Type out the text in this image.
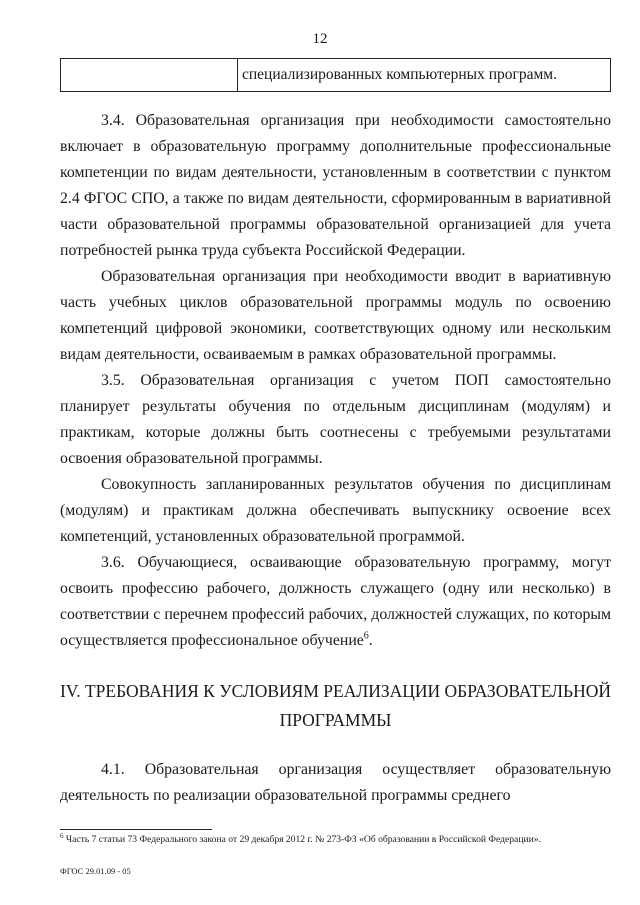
12
	специализированных компьютерных программ.

3.4. Образовательная организация при необходимости самостоятельно включает в образовательную программу дополнительные профессиональные компетенции по видам деятельности, установленным в соответствии с пунктом 2.4 ФГОС СПО, а также по видам деятельности, сформированным в вариативной части образовательной программы образовательной организацией для учета потребностей рынка труда субъекта Российской Федерации.

Образовательная организация при необходимости вводит в вариативную часть учебных циклов образовательной программы модуль по освоению компетенций цифровой экономики, соответствующих одному или нескольким видам деятельности, осваиваемым в рамках образовательной программы.

3.5. Образовательная организация с учетом ПОП самостоятельно планирует результаты обучения по отдельным дисциплинам (модулям) и практикам, которые должны быть соотнесены с требуемыми результатами освоения образовательной программы.

Совокупность запланированных результатов обучения по дисциплинам (модулям) и практикам должна обеспечивать выпускнику освоение всех компетенций, установленных образовательной программой.

3.6. Обучающиеся, осваивающие образовательную программу, могут освоить профессию рабочего, должность служащего (одну или несколько) в соответствии с перечнем профессий рабочих, должностей служащих, по которым осуществляется профессиональное обучение$^6$.

IV. ТРЕБОВАНИЯ К УСЛОВИЯМ РЕАЛИЗАЦИИ ОБРАЗОВАТЕЛЬНОЙ
ПРОГРАММЫ

4.1. Образовательная организация осуществляет образовательную деятельность по реализации образовательной программы среднего

$^6$ Часть 7 статьи 73 Федерального закона от 29 декабря 2012 г. № 273-ФЗ «Об образовании в Российской Федерации».
ФГОС 29.01.09 - 05
